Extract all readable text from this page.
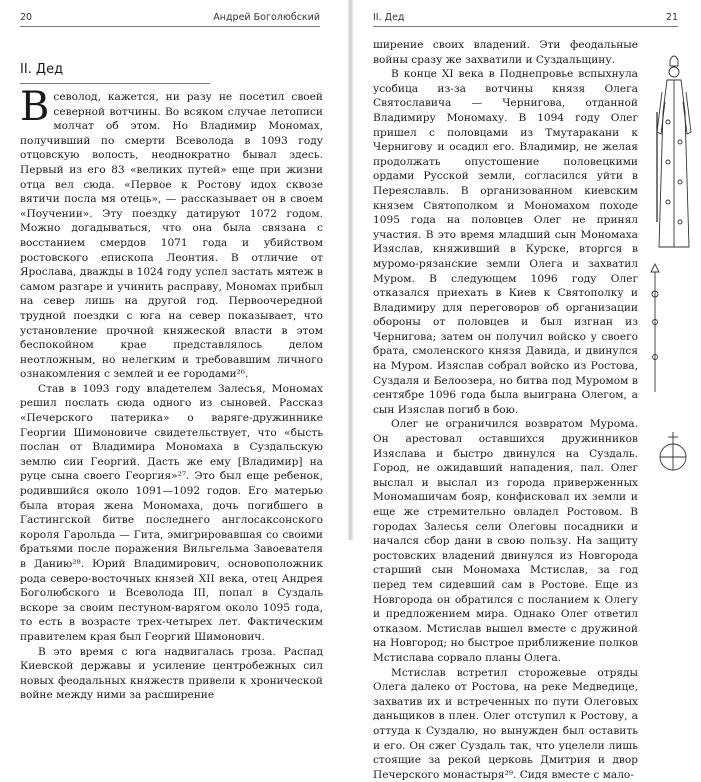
20	Андрей Боголюбский
II. Дед

Всеволод, кажется, ни разу не посетил своей северной вотчины. Во всяком случае летописи молчат об этом. Но Владимир Мономах, получивший по смерти Всеволода в 1093 году отцовскую волость, неоднократно бывал здесь. Первый из его 83 «великих путей» еще при жизни отца вел сюда. «Первое к Ростову идох сквозе вятичи посла мя отець», — рассказывает он в своем «Поучении». Эту поездку датируют 1072 годом. Можно догадываться, что она была связана с восстанием смердов 1071 года и убийством ростовского епископа Леонтия. В отличие от Ярослава, дважды в 1024 году успел застать мятеж в самом разгаре и учинить расправу, Мономах прибыл на север лишь на другой год. Первоочередной трудной поездки с юга на север показывает, что установление прочной княжеской власти в этом беспокойном крае представлялось делом неотложным, но нелегким и требовавшим личного ознакомления с землей и ее городами²⁶.

Став в 1093 году владетелем Залесья, Мономах решил послать сюда одного из сыновей. Рассказ «Печерского патерика» о варяге-дружиннике Георгии Шимоновиче свидетельствует, что «бысть послан от Владимира Мономаха в Суздальскую землю сии Георгий. Дасть же ему [Владимир] на руце сына своего Георгия»²⁷. Это был еще ребенок, родившийся около 1091—1092 годов. Его матерью была вторая жена Мономаха, дочь погибшего в Гастингской битве последнего англосаксонского короля Гарольда — Гита, эмигрировавшая со своими братьями после поражения Вильгельма Завоевателя в Данию²⁸. Юрий Владимирович, основоположник рода северо-восточных князей XII века, отец Андрея Боголюбского и Всеволода III, попал в Суздаль вскоре за своим пестуном-варягом около 1095 года, то есть в возрасте трех-четырех лет. Фактическим правителем края был Георгий Шимонович.

В это время с юга надвигалась гроза. Распад Киевской державы и усиление центробежных сил новых феодальных княжеств привели к хронической войне между ними за расширение

II. Дед	21

ширение своих владений. Эти феодальные войны сразу же захватили и Суздальщину.

В конце XI века в Поднепровье вспыхнула усобица из-за вотчины князя Олега Святославича — Чернигова, отданной Владимиру Мономаху. В 1094 году Олег пришел с половцами из Тмутаракани к Чернигову и осадил его. Владимир, не желая продолжать опустошение половецкими ордами Русской земли, согласился уйти в Переяславль. В организованном киевским князем Святополком и Мономахом походе 1095 года на половцев Олег не принял участия. В это время младший сын Мономаха Изяслав, княживший в Курске, вторгся в муромо-рязанские земли Олега и захватил Муром. В следующем 1096 году Олег отказался приехать в Киев к Святополку и Владимиру для переговоров об организации обороны от половцев и был изгнан из Чернигова; затем он получил войско у своего брата, смоленского князя Давида, и двинулся на Муром. Изяслав собрал войско из Ростова, Суздаля и Белоозера, но битва под Муромом в сентябре 1096 года была выиграна Олегом, а сын Изяслав погиб в бою.

Олег не ограничился возвратом Мурома. Он арестовал оставшихся дружинников Изяслава и быстро двинулся на Суздаль. Город, не ожидавший нападения, пал. Олег выслал и выслал из города приверженных Мономашичам бояр, конфисковал их земли и еще же стремительно овладел Ростовом. В городах Залесья сели Олеговы посадники и начался сбор дани в свою пользу. На защиту ростовских владений двинулся из Новгорода старший сын Мономаха Мстислав, за год перед тем сидевший сам в Ростове. Еще из Новгорода он обратился с посланием к Олегу и предложением мира. Однако Олег ответил отказом. Мстислав вышел вместе с дружиной на Новгород; но быстрое приближение полков Мстислава сорвало планы Олега.

Мстислав встретил сторожевые отряды Олега далеко от Ростова, на реке Медведице, захватив их и встреченных по пути Олеговых даньщиков в плен. Олег отступил к Ростову, а оттуда к Суздалю, но вынужден был оставить и его. Он сжег Суздаль так, что уцелели лишь стоящие за рекой церковь Дмитрия и двор Печерского монастыря²⁹. Сидя вместе с мало-
